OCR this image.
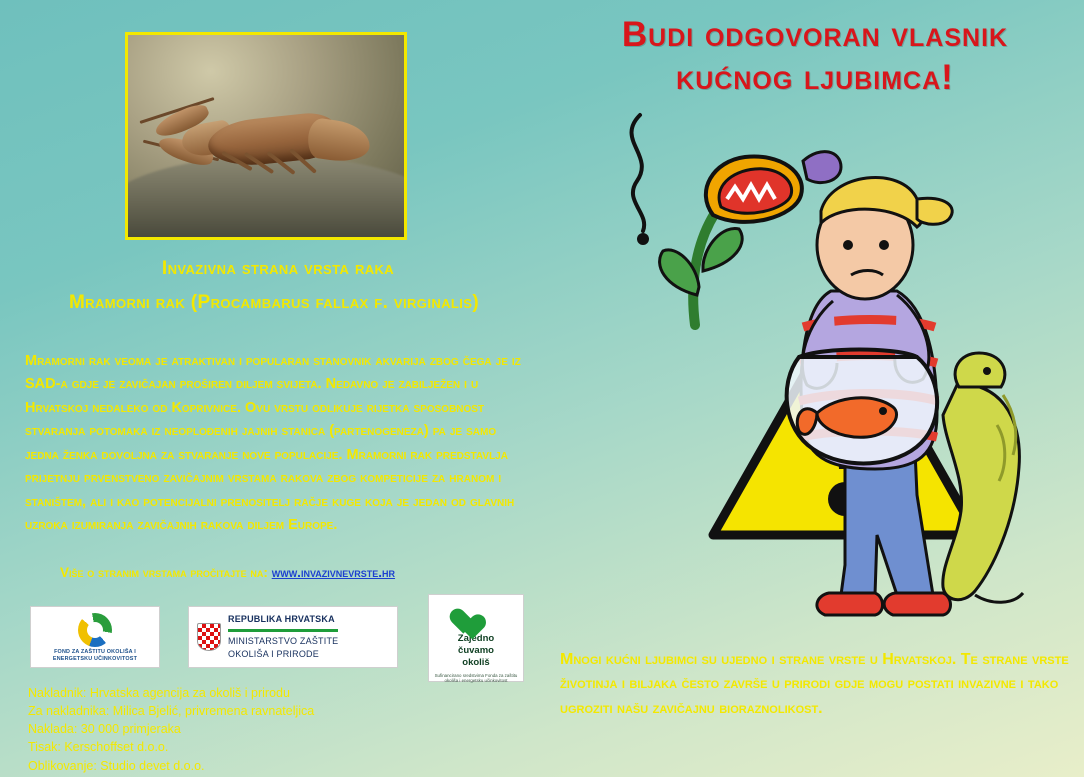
Invazivna strana vrsta raka
Mramorni rak (Procambarus fallax f. virginalis)
Mramorni rak veoma je atraktivan i popularan stanovnik akvarija zbog čega je iz SAD-a gdje je zavičajan proširen diljem svijeta. Nedavno je zabilježen i u Hrvatskoj nedaleko od Koprivnice. Ovu vrstu odlikuje rijetka sposobnost stvaranja potomaka iz neoplođenih jajnih stanica (partenogeneza) pa je samo jedna ženka dovoljna za stvaranje nove populacije. Mramorni rak predstavlja prijetnju prvenstveno zavičajnim vrstama rakova zbog kompeticije za hranom i staništem, ali i kao potencijalni prenositelj račje kuge koja je jedan od glavnih uzroka izumiranja zavičajnih rakova diljem Europe.
Više o stranim vrstama pročitajte na: www.invazivnevrste.hr
FOND ZA ZAŠTITU OKOLIŠA I ENERGETSKU UČINKOVITOST
REPUBLIKA HRVATSKA
MINISTARSTVO ZAŠTITE
OKOLIŠA I PRIRODE
Zajedno
čuvamo
okoliš
Sufinancirano sredstvima Fonda za zaštitu okoliša i energetsku učinkovitost
Nakladnik: Hrvatska agencija za okoliš i prirodu
Za nakladnika: Milica Bjelić, privremena ravnateljica
Naklada: 30 000 primjeraka
Tisak: Kerschoffset d.o.o.
Oblikovanje: Studio devet d.o.o.
Budi odgovoran vlasnik
kućnog ljubimca!
Mnogi kućni ljubimci su ujedno i strane vrste u Hrvatskoj. Te strane vrste životinja i biljaka često završe u prirodi gdje mogu postati invazivne i tako ugroziti našu zavičajnu bioraznolikost.
